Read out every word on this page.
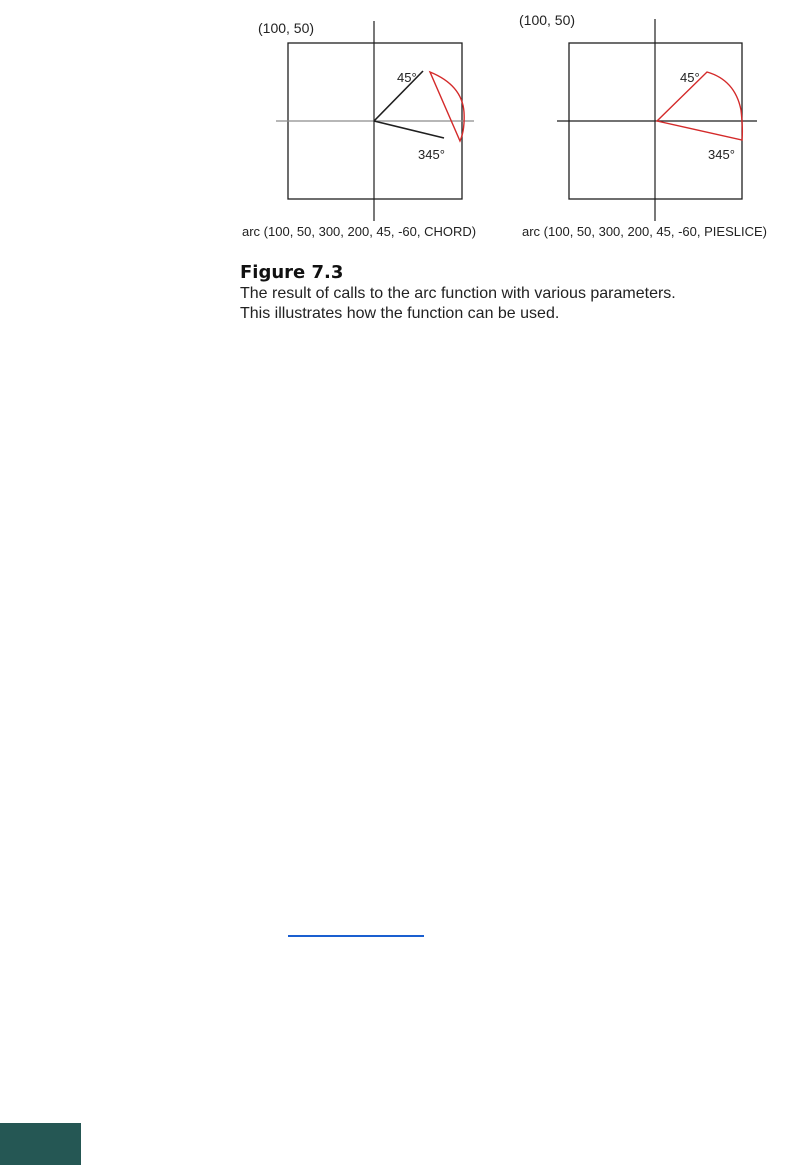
(100, 50)
45°
345°
arc (100, 50, 300, 200, 45, -60, CHORD)
(100, 50)
45°
345°
arc (100, 50, 300, 200, 45, -60, PIESLICE)
Figure 7.3
The result of calls to the arc function with various parameters.
This illustrates how the function can be used.
